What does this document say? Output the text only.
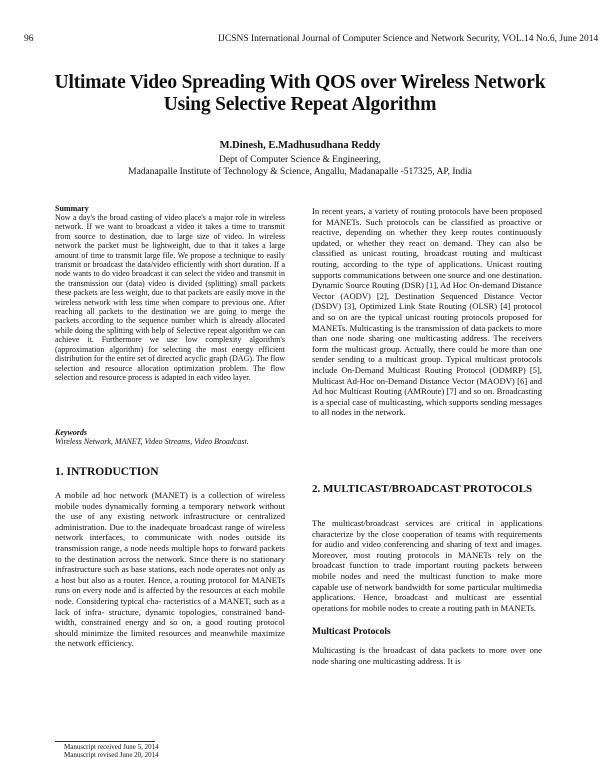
96	IJCSNS International Journal of Computer Science and Network Security, VOL.14 No.6, June 2014
Ultimate Video Spreading With QOS over Wireless Network
Using Selective Repeat Algorithm
M.Dinesh, E.Madhusudhana Reddy
Dept of Computer Science & Engineering,
Madanapalle Institute of Technology & Science, Angallu, Madanapalle -517325, AP, India

Summary

Now a day's the broad casting of video place's a major role in wireless network. If we want to broadcast a video it takes a time to transmit from source to destination, due to large size of video. In wireless network the packet must be lightweight, due to that it takes a large amount of time to transmit large file. We propose a technique to easily transmit or broadcast the data/video efficiently with short duration. If a node wants to do video broadcast it can select the video and transmit in the transmission our (data) video is divided (splitting) small packets these packets are less weight, due to that packets are easily move in the wireless network with less time when compare to previous one. After reaching all packets to the destination we are going to merge the packets according to the sequence number which is already allocated while doing the splitting with help of Selective repeat algorithm we can achieve it. Furthermore we use low complexity algorithm's (approximation algorithm) for selecting the most energy efficient distribution for the entire set of directed acyclic graph (DAG). The flow selection and resource allocation optimization problem. The flow selection and resource process is adapted in each video layer.

Keywords

Wireless Network, MANET, Video Streams, Video Broadcast.

1. INTRODUCTION

A mobile ad hoc network (MANET) is a collection of wireless mobile nodes dynamically forming a temporary network without the use of any existing network infrastructure or centralized administration. Due to the inadequate broadcast range of wireless network interfaces, to communicate with nodes outside its transmission range, a node needs multiple hops to forward packets to the destination across the network. Since there is no stationary infrastructure such as base stations, each node operates not only as a host but also as a router. Hence, a routing protocol for MANETs runs on every node and is affected by the resources at each mobile node. Considering typical cha- racteristics of a MANET, such as a lack of infra- structure, dynamic topologies, constrained band- width, constrained energy and so on, a good routing protocol should minimize the limited resources and meanwhile maximize the network efficiency.

Manuscript received June 5, 2014
Manuscript revised June 20, 2014

In recent years, a variety of routing protocols have been proposed for MANETs. Such protocols can be classified as proactive or reactive, depending on whether they keep routes continuously updated, or whether they react on demand. They can also be classified as unicast routing, broadcast routing and multicast routing, according to the type of applications. Unicast routing supports communications between one source and one destination. Dynamic Source Routing (DSR) [1], Ad Hoc On-demand Distance Vector (AODV) [2], Destination Sequenced Distance Vector (DSDV) [3], Optimized Link State Routing (OLSR) [4] protocol and so on are the typical unicast routing protocols proposed for MANETs. Multicasting is the transmission of data packets to more than one node sharing one multicasting address. The receivers form the multicast group. Actually, there could be more than one sender sending to a multicast group. Typical multicast protocols include On-Demand Multicast Routing Protocol (ODMRP) [5], Multicast Ad-Hoc on-Demand Distance Vector (MAODV) [6] and Ad hoc Multicast Routing (AMRoute) [7] and so on. Broadcasting is a special case of multicasting, which supports sending messages to all nodes in the network.

2. MULTICAST/BROADCAST PROTOCOLS

The multicast/broadcast services are critical in applications characterize by the close cooperation of teams with requirements for audio and video conferencing and sharing of text and images. Moreover, most routing protocols in MANETs rely on the broadcast function to trade important routing packets between mobile nodes and need the multicast function to make more capable use of network bandwidth for some particular multimedia applications. Hence, broadcast and multicast are essential operations for mobile nodes to create a routing path in MANETs.

Multicast Protocols

Multicasting is the broadcast of data packets to more over one node sharing one multicasting address. It is
